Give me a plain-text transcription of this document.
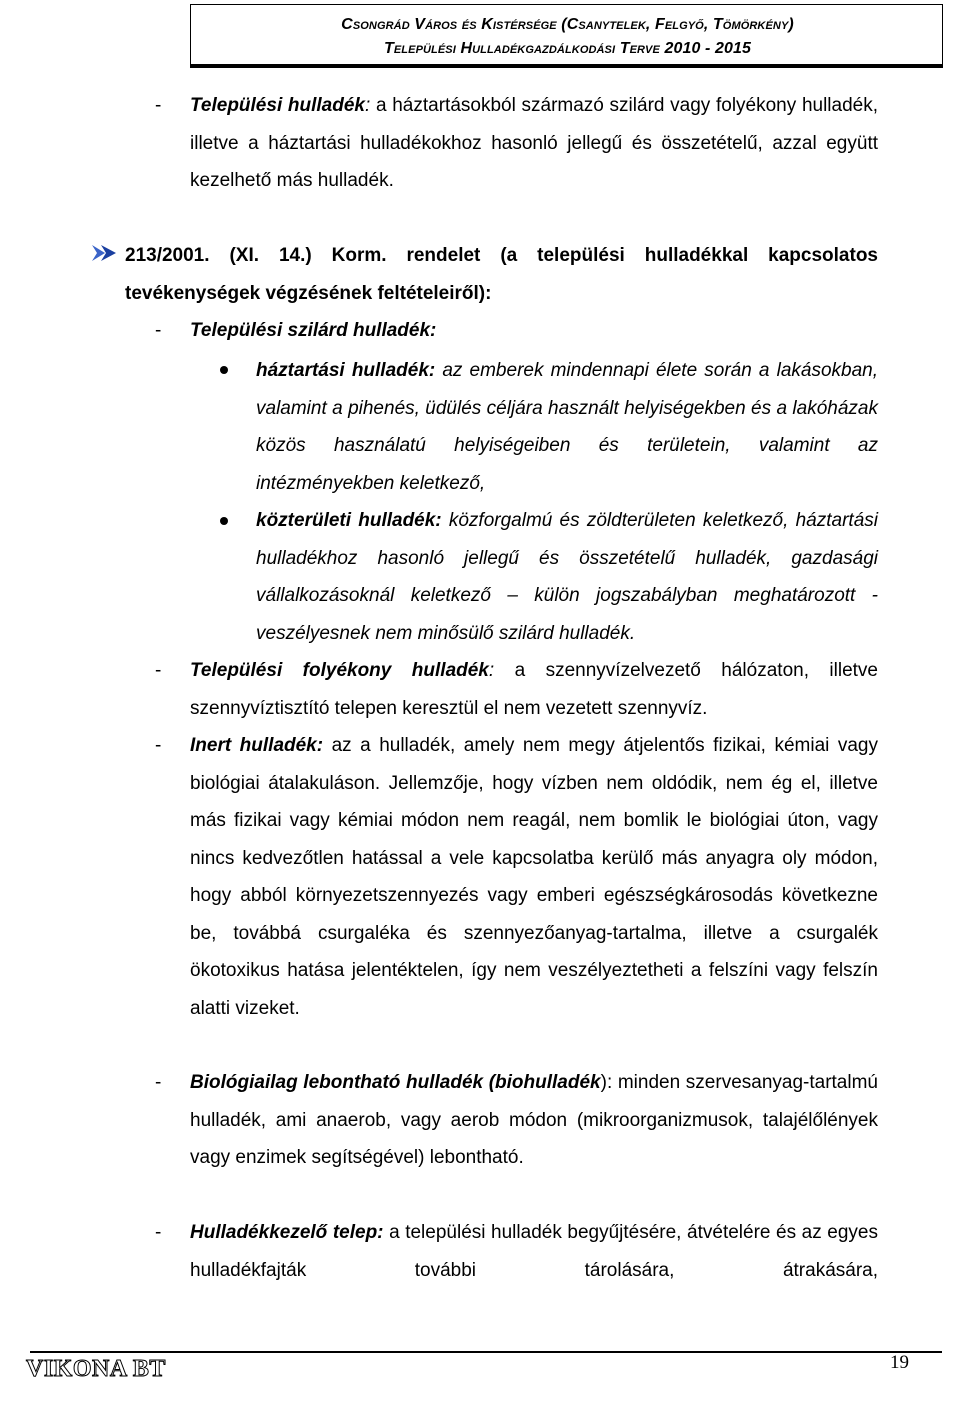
Csongrád Város és Kistérsége (Csanytelek, Felgyő, Tömörkény)
Települési Hulladékgazdálkodási Terve 2010 - 2015
- Települési hulladék: a háztartásokból származó szilárd vagy folyékony hulladék, illetve a háztartási hulladékokhoz hasonló jellegű és összetételű, azzal együtt kezelhető más hulladék.
213/2001. (XI. 14.) Korm. rendelet (a települési hulladékkal kapcsolatos tevékenységek végzésének feltételeiről):
- Települési szilárd hulladék:
háztartási hulladék: az emberek mindennapi élete során a lakásokban, valamint a pihenés, üdülés céljára használt helyiségekben és a lakóházak közös használatú helyiségeiben és területein, valamint az intézményekben keletkező,
közterületi hulladék: közforgalmú és zöldterületen keletkező, háztartási hulladékhoz hasonló jellegű és összetételű hulladék, gazdasági vállalkozásoknál keletkező – külön jogszabályban meghatározott - veszélyesnek nem minősülő szilárd hulladék.
- Települési folyékony hulladék: a szennyvízelvezető hálózaton, illetve szennyvíztisztító telepen keresztül el nem vezetett szennyvíz.
- Inert hulladék: az a hulladék, amely nem megy átjelentős fizikai, kémiai vagy biológiai átalakuláson. Jellemzője, hogy vízben nem oldódik, nem ég el, illetve más fizikai vagy kémiai módon nem reagál, nem bomlik le biológiai úton, vagy nincs kedvezőtlen hatással a vele kapcsolatba kerülő más anyagra oly módon, hogy abból környezetszennyezés vagy emberi egészségkárosodás következne be, továbbá csurgaléka és szennyezőanyag-tartalma, illetve a csurgalék ökotoxikus hatása jelentéktelen, így nem veszélyeztetheti a felszíni vagy felszín alatti vizeket.
- Biológiailag lebontható hulladék (biohulladék): minden szervesanyag-tartalmú hulladék, ami anaerob, vagy aerob módon (mikroorganizmusok, talajélőlények vagy enzimek segítségével) lebontható.
- Hulladékkezelő telep: a települési hulladék begyűjtésére, átvételére és az egyes hulladékfajták további tárolására, átrakására,
VIKONA BT	19
